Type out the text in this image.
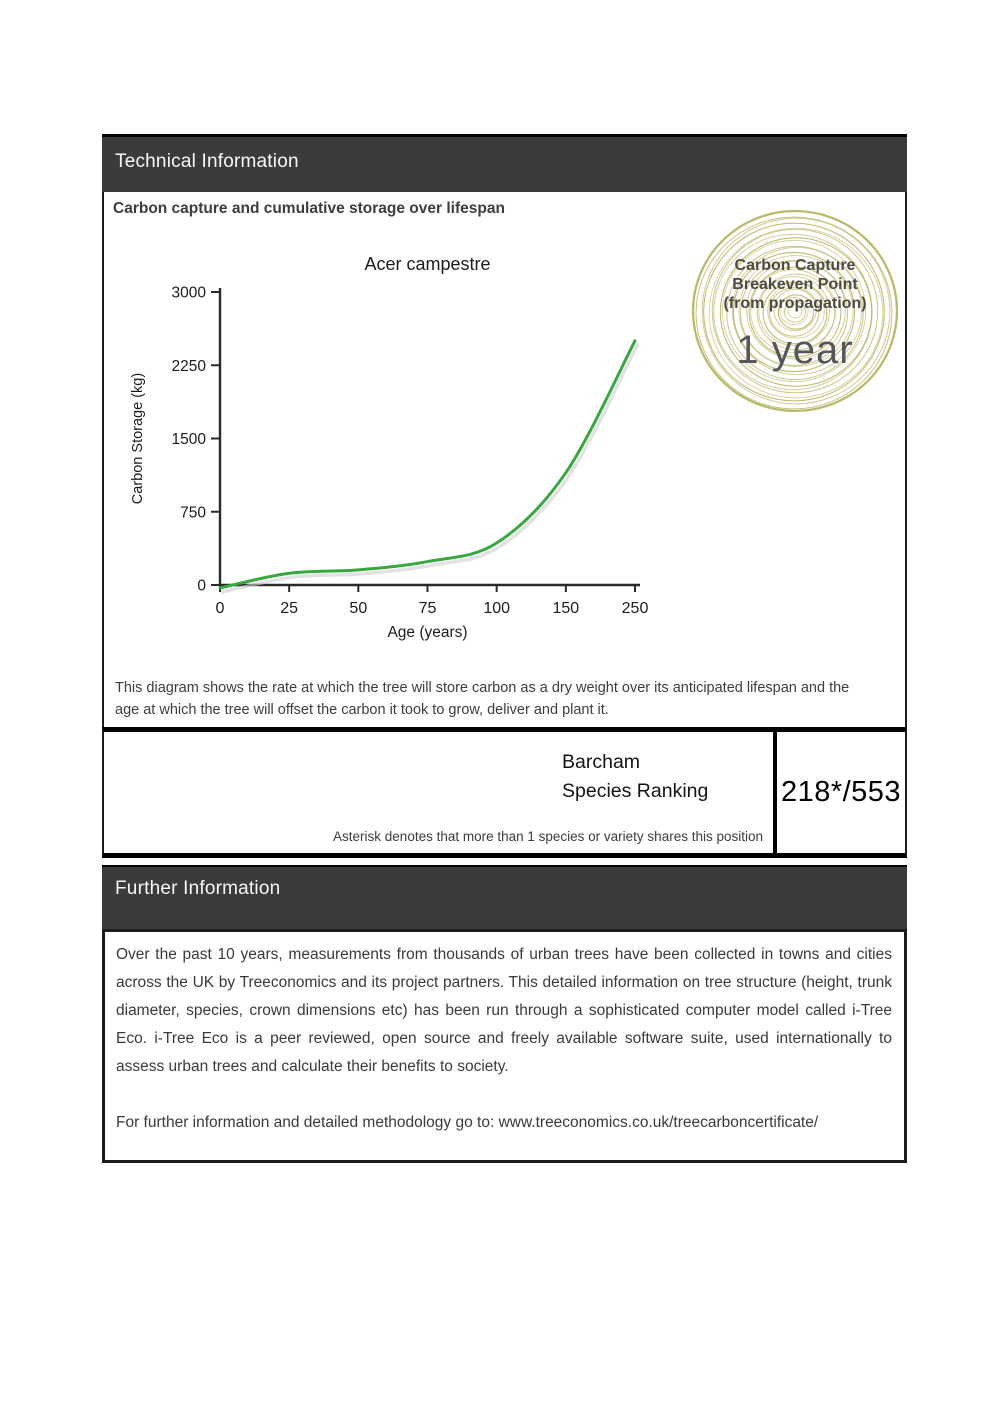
Technical Information
Carbon capture and cumulative storage over lifespan
Acer campestre
Age (years)
Carbon Storage (kg)
0
750
1500
2250
3000
0	25	50	75	100	150	250
Carbon Capture
Breakeven Point
(from propagation)
1 year

This diagram shows the rate at which the tree will store carbon as a dry weight over its anticipated lifespan and the age at which the tree will offset the carbon it took to grow, deliver and plant it.

Barcham
Species Ranking
Asterisk denotes that more than 1 species or variety shares this position
218*/553
Further Information

Over the past 10 years, measurements from thousands of urban trees have been collected in towns and cities across the UK by Treeconomics and its project partners. This detailed information on tree structure (height, trunk diameter, species, crown dimensions etc) has been run through a sophisticated computer model called i-Tree Eco. i-Tree Eco is a peer reviewed, open source and freely available software suite, used internationally to assess urban trees and calculate their benefits to society.

For further information and detailed methodology go to: www.treeconomics.co.uk/treecarboncertificate/
